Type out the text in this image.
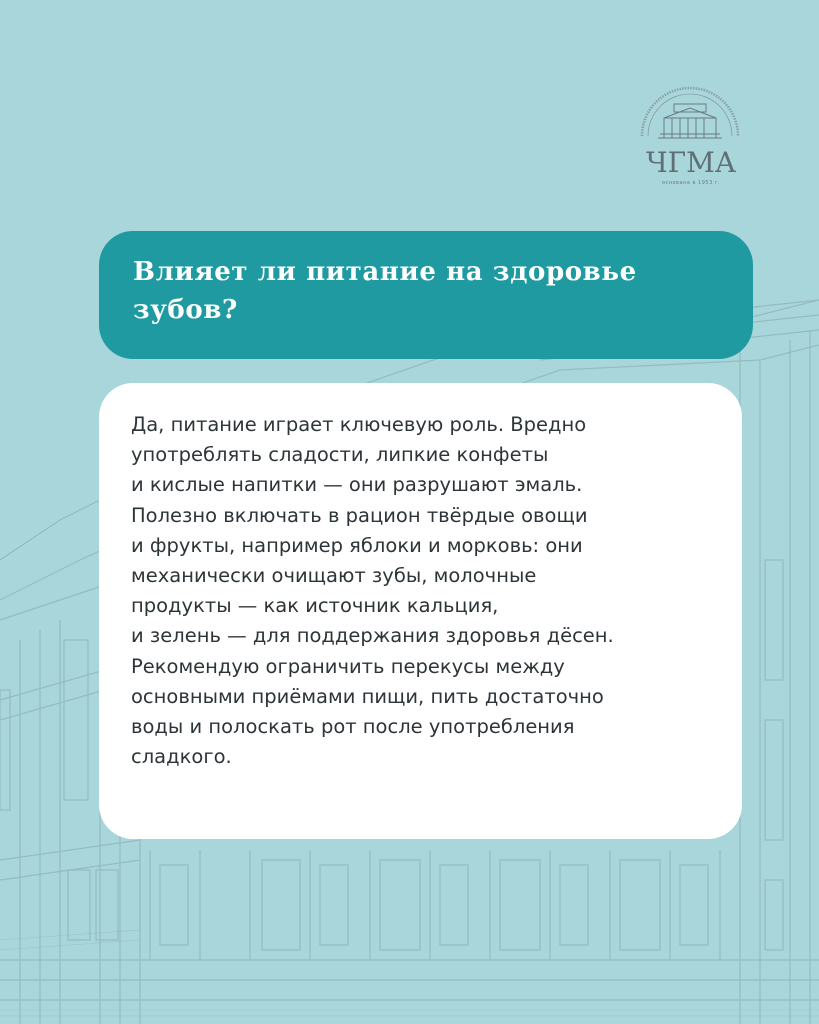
ЧГМА
основана в 1953 г.

Влияет ли питание на здоровье
зубов?

Да, питание играет ключевую роль. Вредно
употреблять сладости, липкие конфеты
и кислые напитки — они разрушают эмаль.
Полезно включать в рацион твёрдые овощи
и фрукты, например яблоки и морковь: они
механически очищают зубы, молочные
продукты — как источник кальция,
и зелень — для поддержания здоровья дёсен.
Рекомендую ограничить перекусы между
основными приёмами пищи, пить достаточно
воды и полоскать рот после употребления
сладкого.
